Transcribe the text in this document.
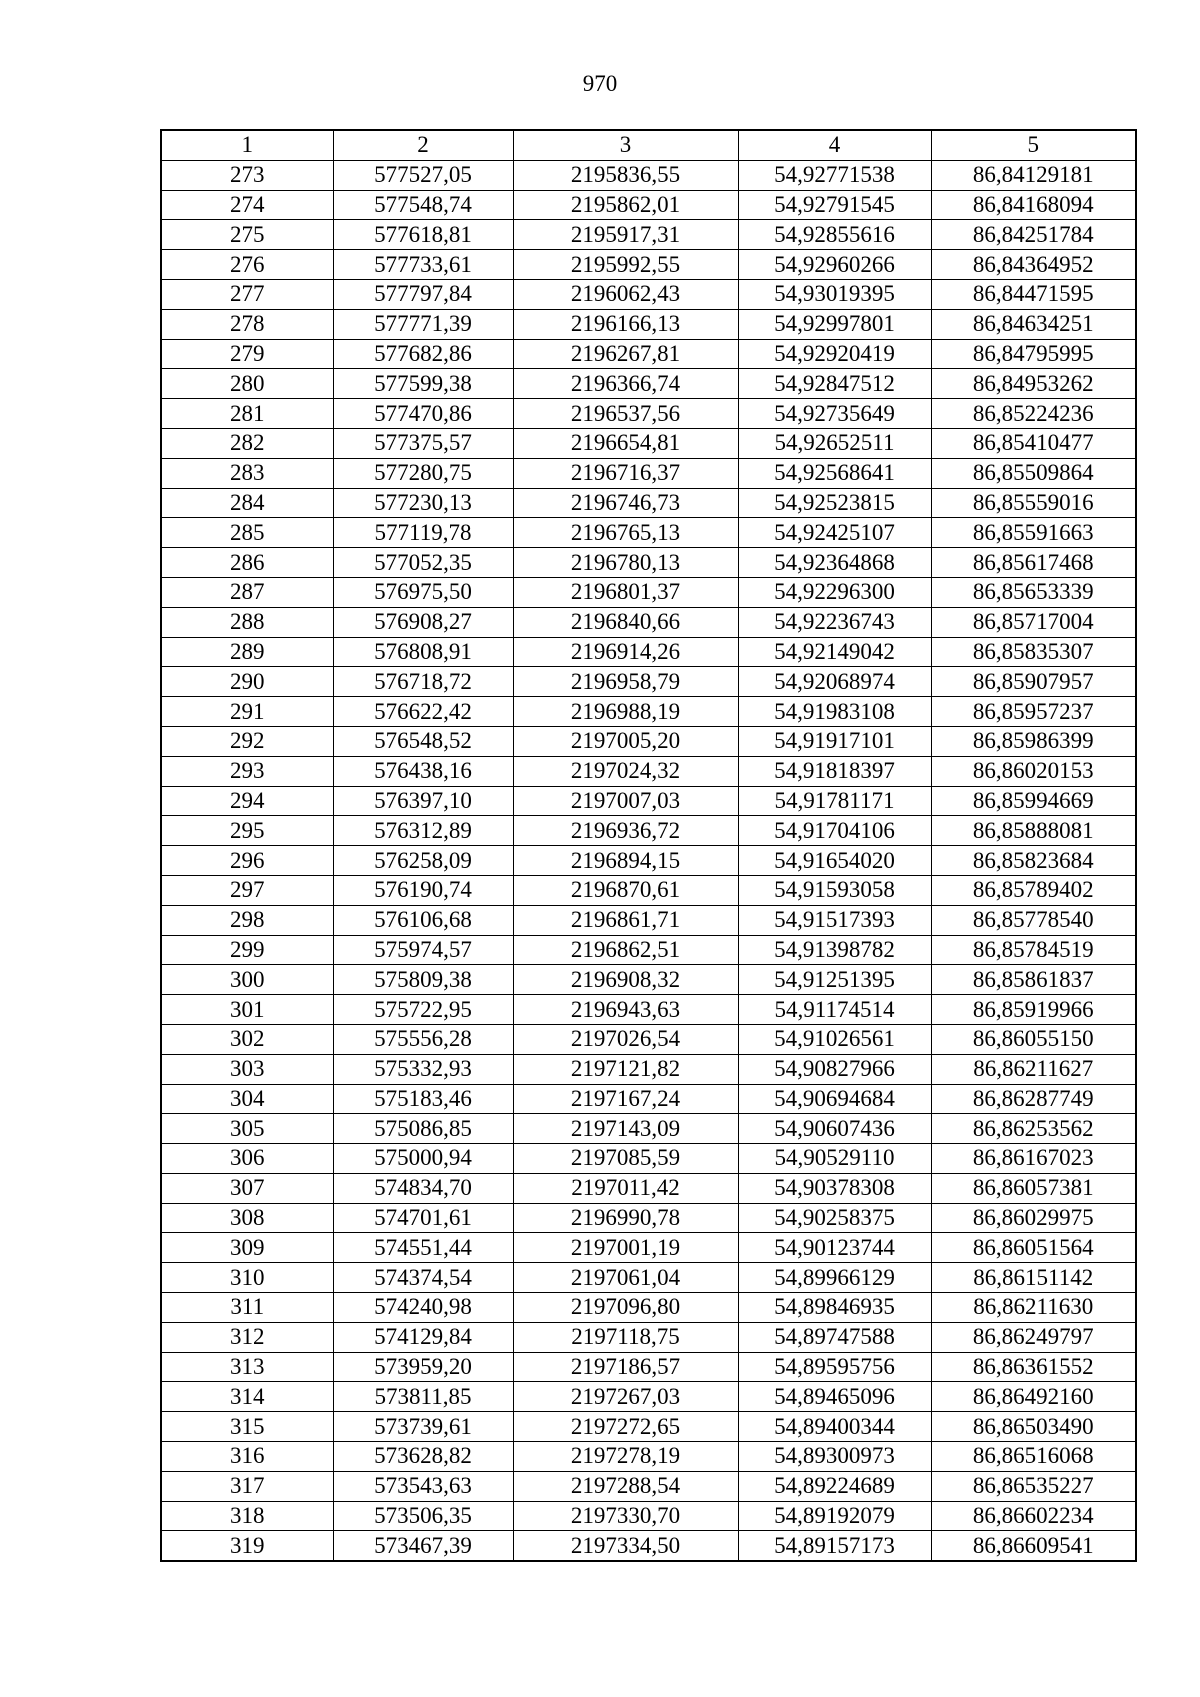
970
1	2	3	4	5
273	577527,05	2195836,55	54,92771538	86,84129181
274	577548,74	2195862,01	54,92791545	86,84168094
275	577618,81	2195917,31	54,92855616	86,84251784
276	577733,61	2195992,55	54,92960266	86,84364952
277	577797,84	2196062,43	54,93019395	86,84471595
278	577771,39	2196166,13	54,92997801	86,84634251
279	577682,86	2196267,81	54,92920419	86,84795995
280	577599,38	2196366,74	54,92847512	86,84953262
281	577470,86	2196537,56	54,92735649	86,85224236
282	577375,57	2196654,81	54,92652511	86,85410477
283	577280,75	2196716,37	54,92568641	86,85509864
284	577230,13	2196746,73	54,92523815	86,85559016
285	577119,78	2196765,13	54,92425107	86,85591663
286	577052,35	2196780,13	54,92364868	86,85617468
287	576975,50	2196801,37	54,92296300	86,85653339
288	576908,27	2196840,66	54,92236743	86,85717004
289	576808,91	2196914,26	54,92149042	86,85835307
290	576718,72	2196958,79	54,92068974	86,85907957
291	576622,42	2196988,19	54,91983108	86,85957237
292	576548,52	2197005,20	54,91917101	86,85986399
293	576438,16	2197024,32	54,91818397	86,86020153
294	576397,10	2197007,03	54,91781171	86,85994669
295	576312,89	2196936,72	54,91704106	86,85888081
296	576258,09	2196894,15	54,91654020	86,85823684
297	576190,74	2196870,61	54,91593058	86,85789402
298	576106,68	2196861,71	54,91517393	86,85778540
299	575974,57	2196862,51	54,91398782	86,85784519
300	575809,38	2196908,32	54,91251395	86,85861837
301	575722,95	2196943,63	54,91174514	86,85919966
302	575556,28	2197026,54	54,91026561	86,86055150
303	575332,93	2197121,82	54,90827966	86,86211627
304	575183,46	2197167,24	54,90694684	86,86287749
305	575086,85	2197143,09	54,90607436	86,86253562
306	575000,94	2197085,59	54,90529110	86,86167023
307	574834,70	2197011,42	54,90378308	86,86057381
308	574701,61	2196990,78	54,90258375	86,86029975
309	574551,44	2197001,19	54,90123744	86,86051564
310	574374,54	2197061,04	54,89966129	86,86151142
311	574240,98	2197096,80	54,89846935	86,86211630
312	574129,84	2197118,75	54,89747588	86,86249797
313	573959,20	2197186,57	54,89595756	86,86361552
314	573811,85	2197267,03	54,89465096	86,86492160
315	573739,61	2197272,65	54,89400344	86,86503490
316	573628,82	2197278,19	54,89300973	86,86516068
317	573543,63	2197288,54	54,89224689	86,86535227
318	573506,35	2197330,70	54,89192079	86,86602234
319	573467,39	2197334,50	54,89157173	86,86609541
